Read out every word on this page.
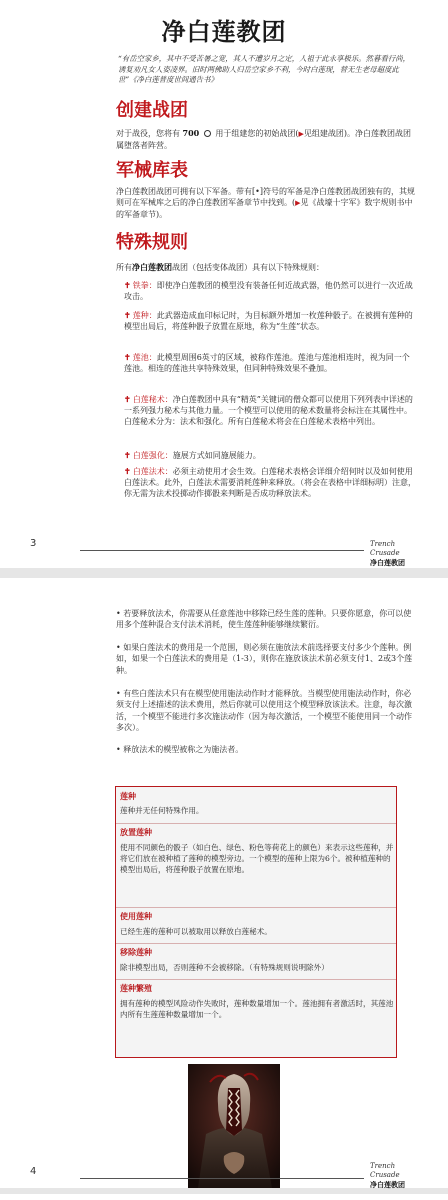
净白莲教团
“有岳空家乡，其中不受苦暑之宽，其人不遭岁月之定，人祖于此永享极乐。然暮看行尚，诱复劝凡女人姿凌界。旧时两佛助人归岳空家乡不利，今时白莲现，替无生老母超度此世”《净白莲普度世间通告书》
创建战团
对于战役，您将有 700 用于组建您的初始战团(▶见组建战团)。净白莲教团战团属堕落者阵营。
军械库表
净白莲教团战团可拥有以下军备。带有[•]符号的军备是净白莲教团战团独有的，其规则可在军械库之后的净白莲教团军备章节中找到。(▶见《战壕十字军》数字规则书中的军备章节)。
特殊规则
所有净白莲教团战团（包括变体战团）具有以下特殊规则：
✝ 铁拳：即使净白莲教团的模型没有装备任何近战武器，他仍然可以进行一次近战攻击。
✝ 莲种：此武器造成血印标记时，为目标额外增加一枚莲种骰子。在被拥有莲种的模型出局后，将莲种骰子放置在原地，称为“生莲”状态。
✝ 莲池：此模型周围6英寸的区域，被称作莲池。莲池与莲池相连时，视为同一个莲池。相连的莲池共享特殊效果，但同种特殊效果不叠加。
✝ 白莲秘术：净白莲教团中具有“精英”关键词的僧众都可以使用下列列表中详述的一系列强力秘术与其他力量。一个模型可以使用的秘术数量将会标注在其属性中。白莲秘术分为：法术和强化。所有白莲秘术将会在白莲秘术表格中列出。
✝ 白莲强化：施展方式如同施展能力。
✝ 白莲法术：必须主动使用才会生效。白莲秘术表格会详细介绍何时以及如何使用白莲法术。此外，白莲法术需要消耗莲种来释放。（将会在表格中详细标明）注意，你无需为法术投掷动作掷骰来判断是否成功释放法术。
3	Trench
Crusade
净白莲教团
• 若要释放法术，你需要从任意莲池中移除已经生莲的莲种。只要你愿意，你可以使用多个莲种混合支付法术消耗，使生莲莲种能够继续繁衍。
• 如果白莲法术的费用是一个范围，则必须在施放法术前选择要支付多少个莲种。例如，如果一个白莲法术的费用是（1-3），则你在施放该法术前必须支付1、2或3个莲种。
• 有些白莲法术只有在模型使用施法动作时才能释放。当模型使用施法动作时，你必须支付上述描述的法术费用，然后你就可以使用这个模型释放该法术。注意，每次激活，一个模型不能进行多次施法动作（因为每次激活，一个模型不能使用同一个动作多次）。
• 释放法术的模型被称之为施法者。
莲种
莲种并无任何特殊作用。
放置莲种
使用不同颜色的骰子（如白色、绿色、粉色等荷花上的颜色）来表示这些莲种，并将它们放在被种植了莲种的模型旁边。一个模型的莲种上限为6个。被种植莲种的模型出局后，将莲种骰子放置在原地。
使用莲种
已经生莲的莲种可以被取用以释放白莲秘术。
移除莲种
除非模型出局，否则莲种不会被移除。（有特殊规则说明除外）
莲种繁殖
拥有莲种的模型风险动作失败时，莲种数量增加一个。莲池拥有者激活时，其莲池内所有生莲莲种数量增加一个。
4	Trench
Crusade
净白莲教团
